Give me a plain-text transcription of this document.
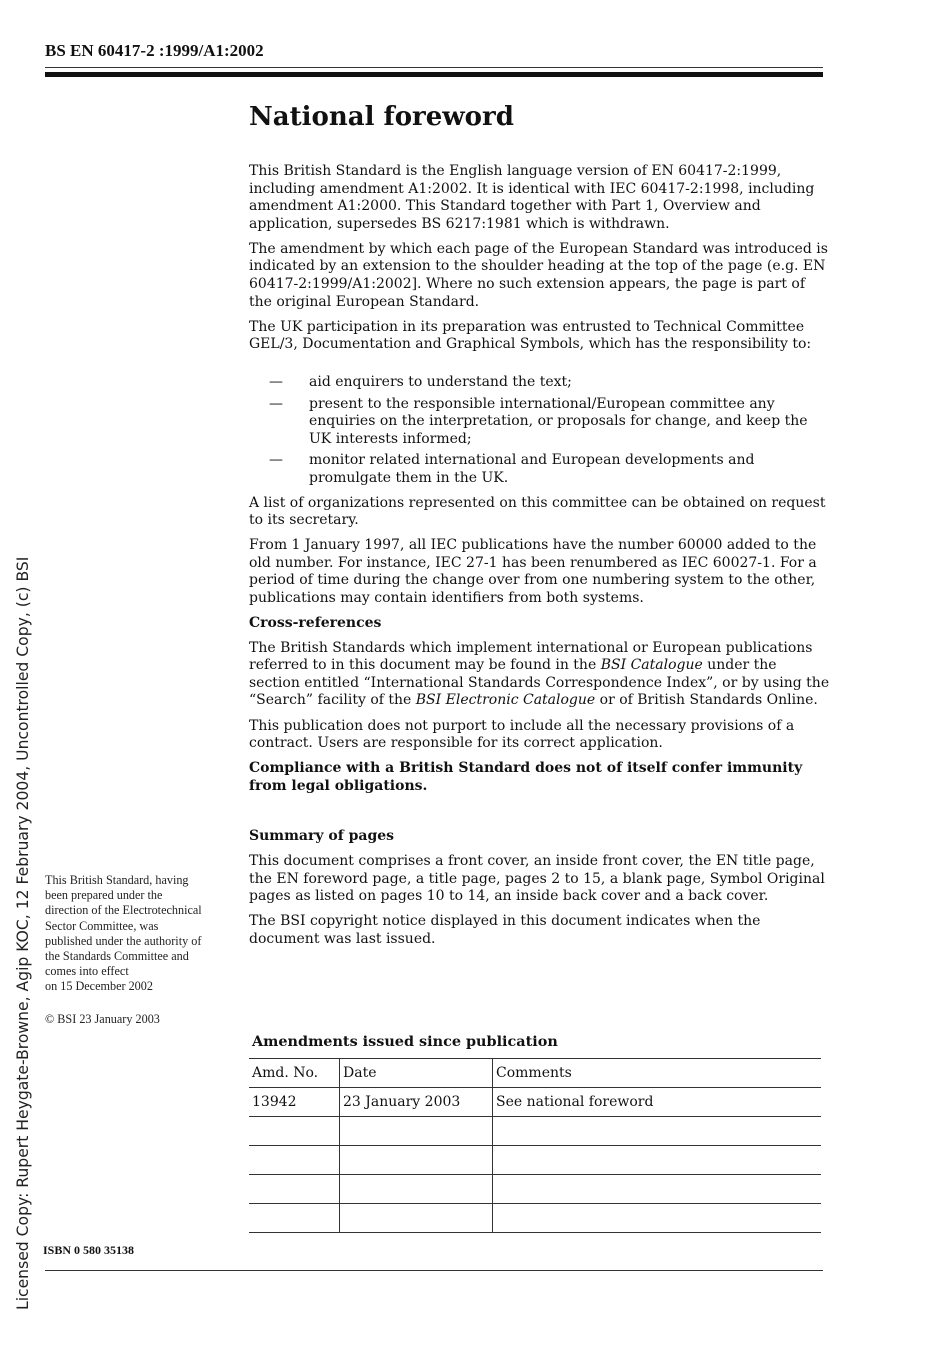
BS EN 60417-2 :1999/A1:2002
Licensed Copy: Rupert Heygate-Browne, Agip KOC, 12 February 2004, Uncontrolled Copy, (c) BSI
National foreword

This British Standard is the English language version of EN 60417-2:1999, including amendment A1:2002. It is identical with IEC 60417-2:1998, including amendment A1:2000. This Standard together with Part 1, Overview and application, supersedes BS 6217:1981 which is withdrawn.

The amendment by which each page of the European Standard was introduced is indicated by an extension to the shoulder heading at the top of the page (e.g. EN 60417-2:1999/A1:2002]. Where no such extension appears, the page is part of the original European Standard.

The UK participation in its preparation was entrusted to Technical Committee GEL/3, Documentation and Graphical Symbols, which has the responsibility to:

— aid enquirers to understand the text;
— present to the responsible international/European committee any enquiries on the interpretation, or proposals for change, and keep the UK interests informed;
— monitor related international and European developments and promulgate them in the UK.

A list of organizations represented on this committee can be obtained on request to its secretary.

From 1 January 1997, all IEC publications have the number 60000 added to the old number. For instance, IEC 27-1 has been renumbered as IEC 60027-1. For a period of time during the change over from one numbering system to the other, publications may contain identifiers from both systems.

Cross-references

The British Standards which implement international or European publications referred to in this document may be found in the BSI Catalogue under the section entitled “International Standards Correspondence Index”, or by using the “Search” facility of the BSI Electronic Catalogue or of British Standards Online.

This publication does not purport to include all the necessary provisions of a contract. Users are responsible for its correct application.

Compliance with a British Standard does not of itself confer immunity from legal obligations.

Summary of pages

This document comprises a front cover, an inside front cover, the EN title page, the EN foreword page, a title page, pages 2 to 15, a blank page, Symbol Original pages as listed on pages 10 to 14, an inside back cover and a back cover.

The BSI copyright notice displayed in this document indicates when the document was last issued.

This British Standard, having
been prepared under the
direction of the Electrotechnical
Sector Committee, was
published under the authority of
the Standards Committee and
comes into effect
on 15 December 2002
© BSI 23 January 2003
Amendments issued since publication
Amd. No.	Date	Comments
13942	23 January 2003	See national foreword

ISBN 0 580 35138
